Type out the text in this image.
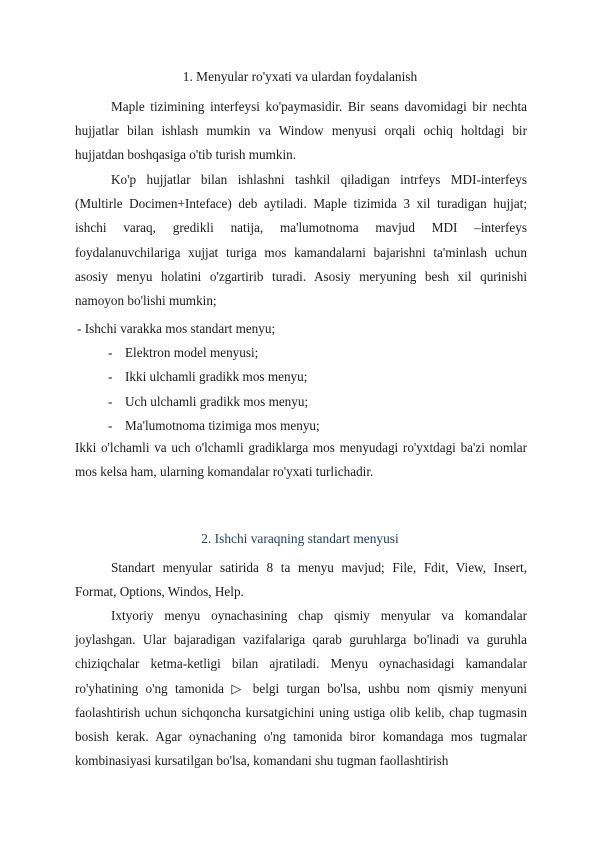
1. Menyular ro'yxati va ulardan foydalanish

Maple tizimining interfeysi ko'paymasidir. Bir seans davomidagi bir nechta hujjatlar bilan ishlash mumkin va Window menyusi orqali ochiq holtdagi bir hujjatdan boshqasiga o'tib turish mumkin.

Ko'p hujjatlar bilan ishlashni tashkil qiladigan intrfeys MDI-interfeys (Multirle Docimen+Inteface) deb aytiladi. Maple tizimida 3 xil turadigan hujjat; ishchi varaq, gredikli natija, ma'lumotnoma mavjud MDI –interfeys foydalanuvchilariga xujjat turiga mos kamandalarni bajarishni ta'minlash uchun asosiy menyu holatini o'zgartirib turadi. Asosiy meryuning besh xil qurinishi namoyon bo'lishi mumkin;

- Ishchi varakka mos standart menyu;
- Elektron model menyusi;
- Ikki ulchamli gradikk mos menyu;
- Uch ulchamli gradikk mos menyu;
- Ma'lumotnoma tizimiga mos menyu;

Ikki o'lchamli va uch o'lchamli gradiklarga mos menyudagi ro'yxtdagi ba'zi nomlar mos kelsa ham, ularning komandalar ro'yxati turlichadir.

2. Ishchi varaqning standart menyusi

Standart menyular satirida 8 ta menyu mavjud; File, Fdit, View, Insert, Format, Options, Windos, Help.

Ixtyoriy menyu oynachasining chap qismiy menyular va komandalar joylashgan. Ular bajaradigan vazifalariga qarab guruhlarga bo'linadi va guruhla chiziqchalar ketma-ketligi bilan ajratiladi. Menyu oynachasidagi kamandalar ro'yhatining o'ng tamonida ▷ belgi turgan bo'lsa, ushbu nom qismiy menyuni faolashtirish uchun sichqoncha kursatgichini uning ustiga olib kelib, chap tugmasin bosish kerak. Agar oynachaning o'ng tamonida biror komandaga mos tugmalar kombinasiyasi kursatilgan bo'lsa, komandani shu tugman faollashtirish
